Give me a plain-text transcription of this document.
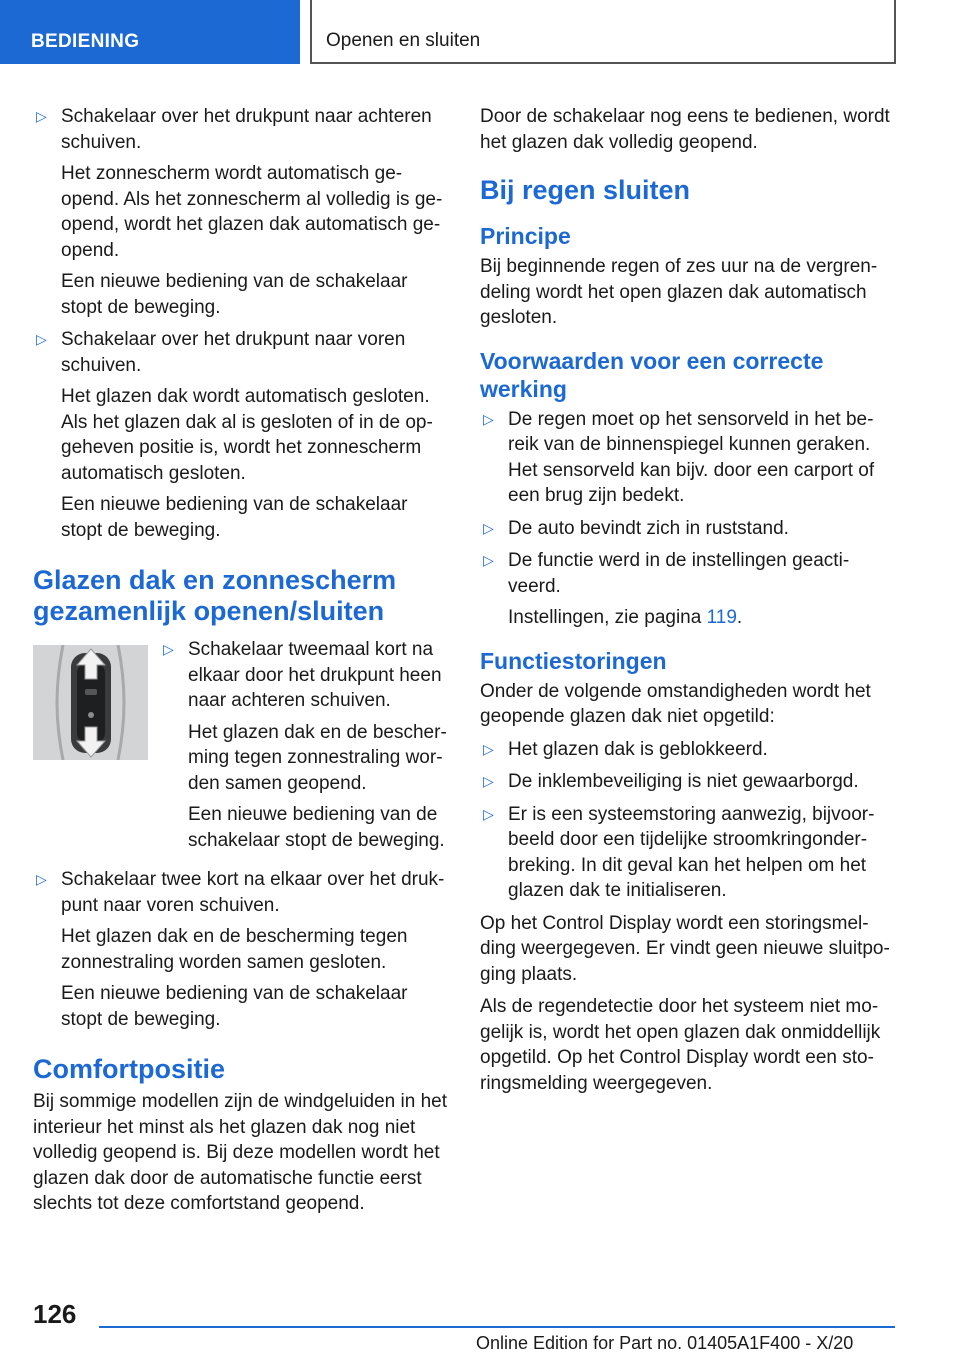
BEDIENING	Openen en sluiten
▷ Schakelaar over het drukpunt naar achteren schuiven.
Het zonnescherm wordt automatisch geopend. Als het zonnescherm al volledig is geopend, wordt het glazen dak automatisch geopend.
Een nieuwe bediening van de schakelaar stopt de beweging.
▷ Schakelaar over het drukpunt naar voren schuiven.
Het glazen dak wordt automatisch gesloten. Als het glazen dak al is gesloten of in de opgeheven positie is, wordt het zonnescherm automatisch gesloten.
Een nieuwe bediening van de schakelaar stopt de beweging.
Glazen dak en zonnescherm gezamenlijk openen/sluiten
▷ Schakelaar tweemaal kort na elkaar door het drukpunt heen naar achteren schuiven.
Het glazen dak en de bescherming tegen zonnestraling worden samen geopend.
Een nieuwe bediening van de schakelaar stopt de beweging.
▷ Schakelaar twee kort na elkaar over het drukpunt naar voren schuiven.
Het glazen dak en de bescherming tegen zonnestraling worden samen gesloten.
Een nieuwe bediening van de schakelaar stopt de beweging.
Comfortpositie

Bij sommige modellen zijn de windgeluiden in het interieur het minst als het glazen dak nog niet volledig geopend is. Bij deze modellen wordt het glazen dak door de automatische functie eerst slechts tot deze comfortstand geopend.

Door de schakelaar nog eens te bedienen, wordt het glazen dak volledig geopend.

Bij regen sluiten
Principe

Bij beginnende regen of zes uur na de vergrendeling wordt het open glazen dak automatisch gesloten.

Voorwaarden voor een correcte werking
▷ De regen moet op het sensorveld in het bereik van de binnenspiegel kunnen geraken. Het sensorveld kan bijv. door een carport of een brug zijn bedekt.
▷ De auto bevindt zich in ruststand.
▷ De functie werd in de instellingen geactiveerd.
Instellingen, zie pagina 119.
Functiestoringen

Onder de volgende omstandigheden wordt het geopende glazen dak niet opgetild:

▷ Het glazen dak is geblokkeerd.
▷ De inklembeveiliging is niet gewaarborgd.
▷ Er is een systeemstoring aanwezig, bijvoorbeeld door een tijdelijke stroomkringonderbreking. In dit geval kan het helpen om het glazen dak te initialiseren.

Op het Control Display wordt een storingsmelding weergegeven. Er vindt geen nieuwe sluitpoging plaats.

Als de regendetectie door het systeem niet mogelijk is, wordt het open glazen dak onmiddellijk opgetild. Op het Control Display wordt een storingsmelding weergegeven.

126
Online Edition for Part no. 01405A1F400 - X/20
